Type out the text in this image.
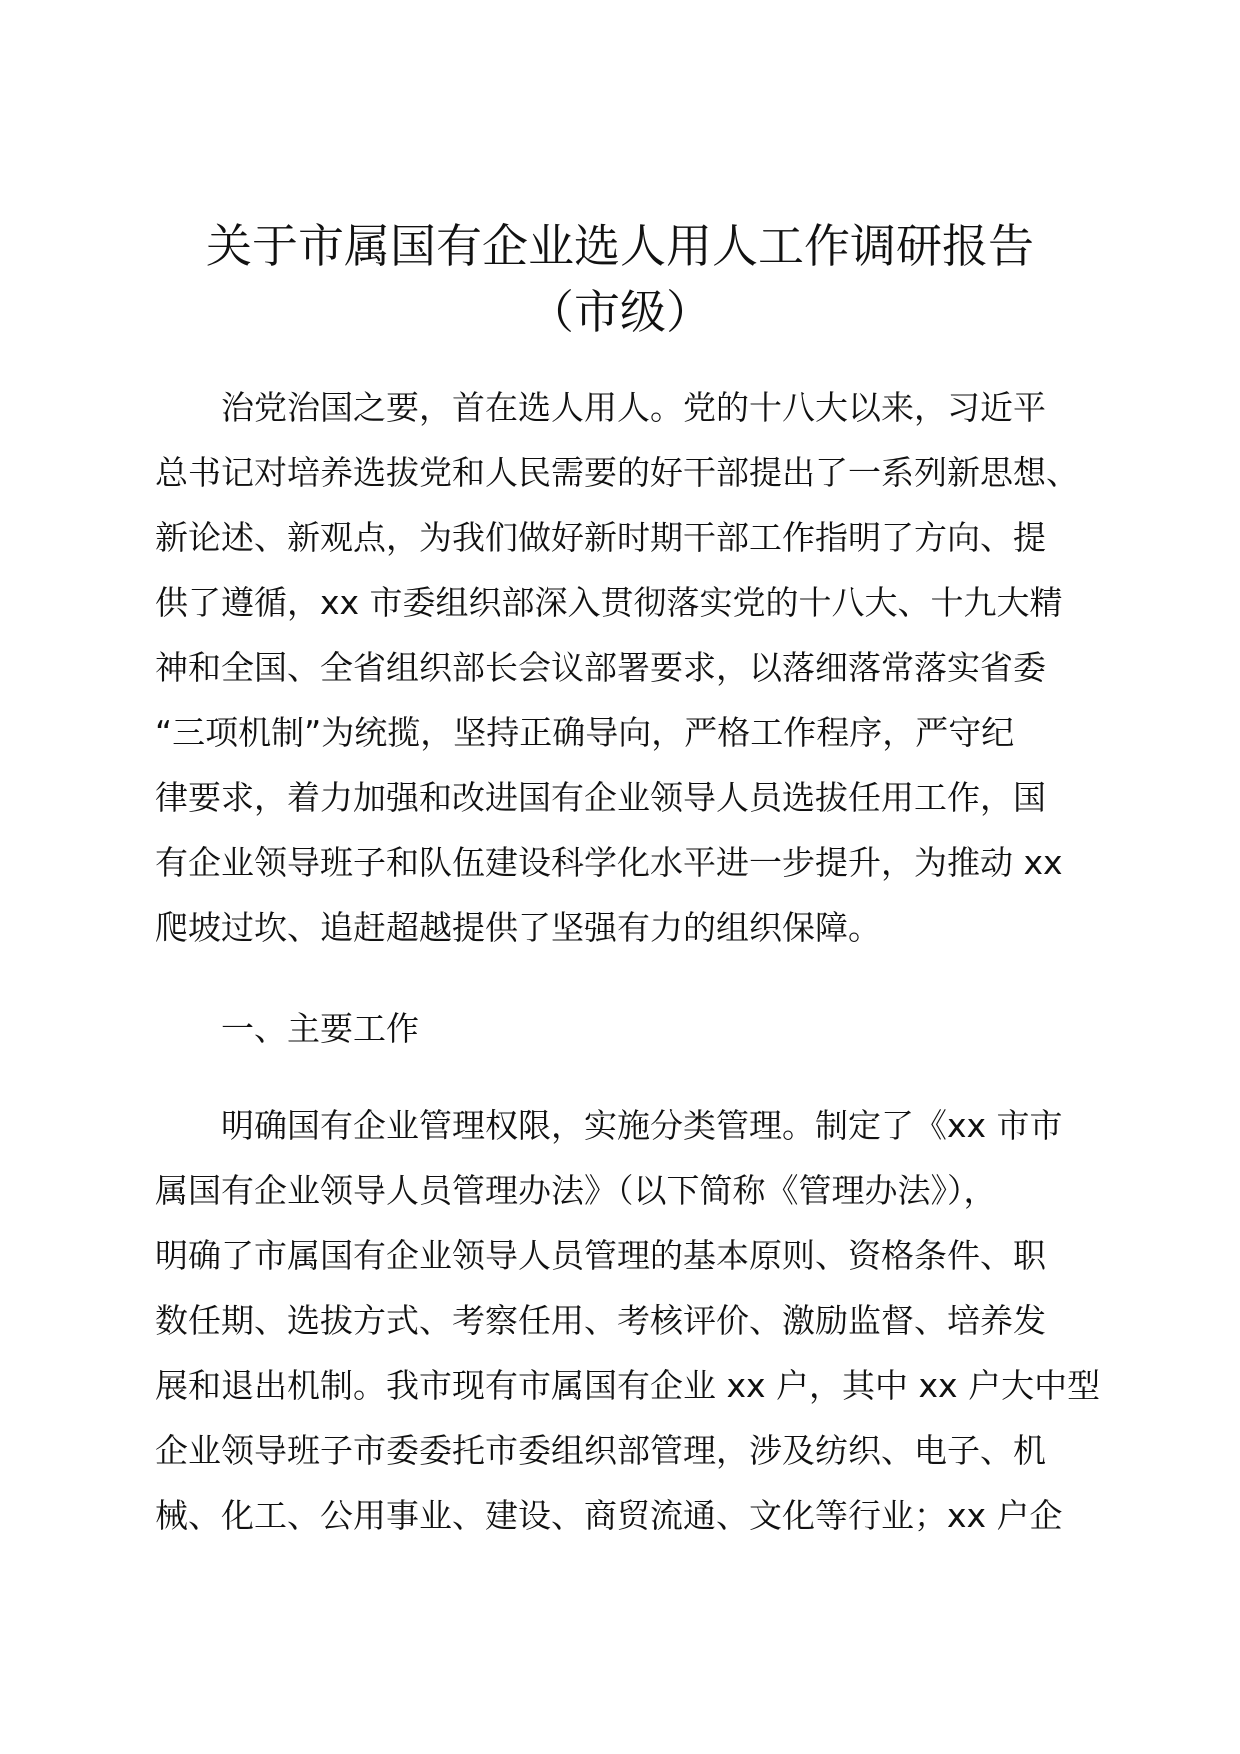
关于市属国有企业选人用人工作调研报告
（市级）
治党治国之要，首在选人用人。党的十八大以来，习近平
总书记对培养选拔党和人民需要的好干部提出了一系列新思想、
新论述、新观点，为我们做好新时期干部工作指明了方向、提
供了遵循，xx 市委组织部深入贯彻落实党的十八大、十九大精
神和全国、全省组织部长会议部署要求，以落细落常落实省委
“三项机制”为统揽，坚持正确导向，严格工作程序，严守纪
律要求，着力加强和改进国有企业领导人员选拔任用工作，国
有企业领导班子和队伍建设科学化水平进一步提升，为推动 xx
爬坡过坎、追赶超越提供了坚强有力的组织保障。
一、主要工作
明确国有企业管理权限，实施分类管理。制定了《xx 市市
属国有企业领导人员管理办法》（以下简称《管理办法》），
明确了市属国有企业领导人员管理的基本原则、资格条件、职
数任期、选拔方式、考察任用、考核评价、激励监督、培养发
展和退出机制。我市现有市属国有企业 xx 户，其中 xx 户大中型
企业领导班子市委委托市委组织部管理，涉及纺织、电子、机
械、化工、公用事业、建设、商贸流通、文化等行业；xx 户企
